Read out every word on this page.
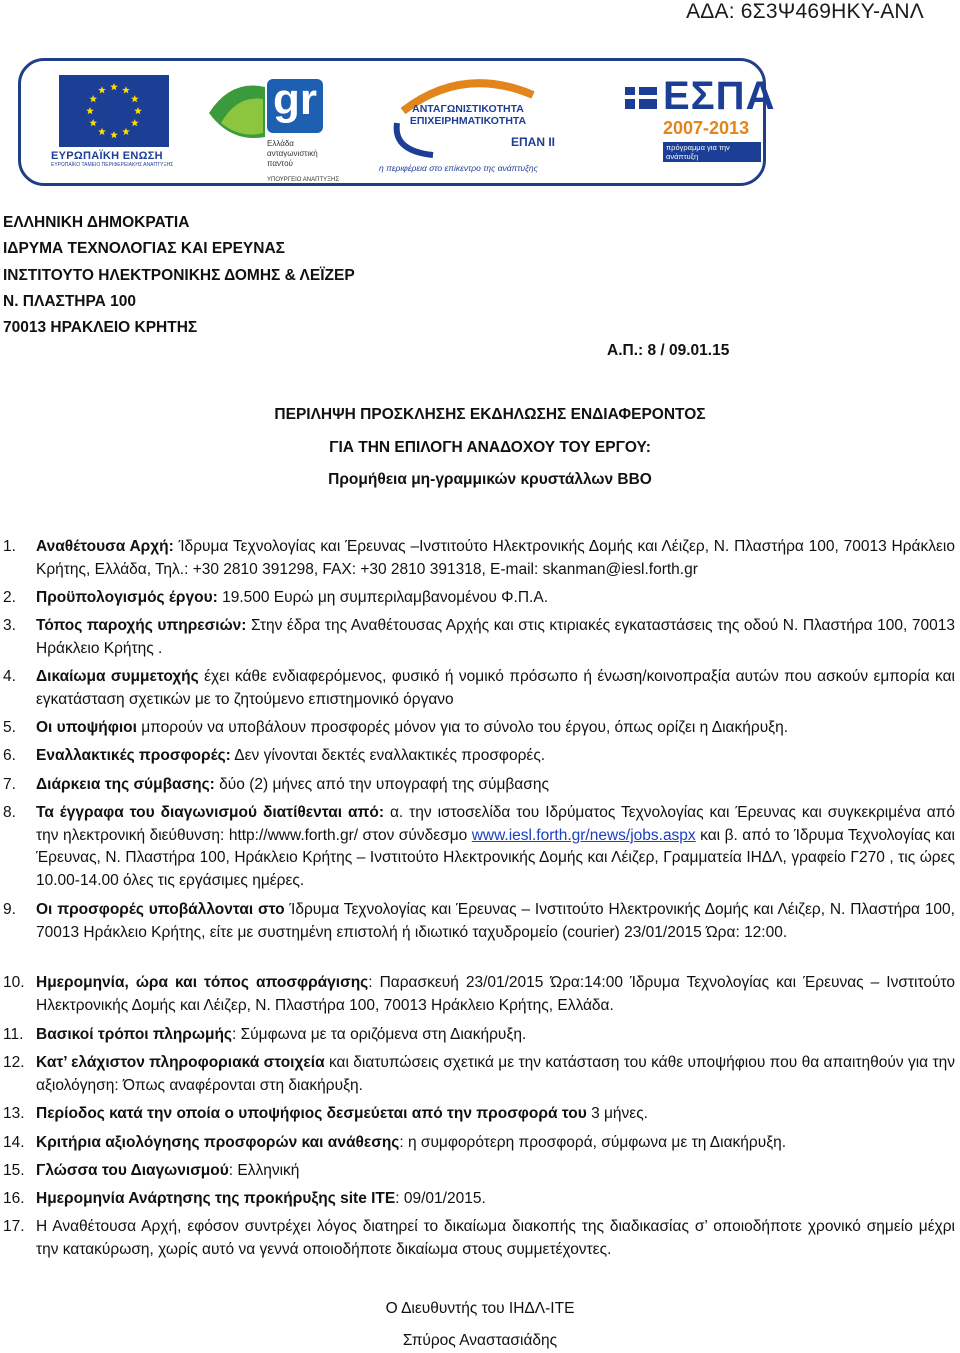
ΑΔΑ: 6Σ3Ψ469ΗΚΥ-ΑΝΛ
ΕΥΡΩΠΑΪΚΗ ΕΝΩΣΗ
ΕΥΡΩΠΑΪΚΟ ΤΑΜΕΙΟ ΠΕΡΙΦΕΡΕΙΑΚΗΣ ΑΝΑΠΤΥΞΗΣ
gr
Ελλάδα
ανταγωνιστική
παντού
ΥΠΟΥΡΓΕΙΟ ΑΝΑΠΤΥΞΗΣ
ΑΝΤΑΓΩΝΙΣΤΙΚΟΤΗΤΑ
ΕΠΙΧΕΙΡΗΜΑΤΙΚΟΤΗΤΑ
ΕΠΑΝ ΙΙ
η περιφέρεια στο επίκεντρο της ανάπτυξης
ΕΣΠΑ
2007-2013
πρόγραμμα για την ανάπτυξη
ΕΛΛΗΝΙΚΗ ΔΗΜΟΚΡΑΤΙΑ
ΙΔΡΥΜΑ ΤΕΧΝΟΛΟΓΙΑΣ ΚΑΙ ΕΡΕΥΝΑΣ
ΙΝΣΤΙΤΟΥΤΟ ΗΛΕΚΤΡΟΝΙΚΗΣ ΔΟΜΗΣ & ΛΕΪΖΕΡ
Ν. ΠΛΑΣΤΗΡΑ 100
70013 ΗΡΑΚΛΕΙΟ ΚΡΗΤΗΣ
Α.Π.: 8 / 09.01.15
ΠΕΡΙΛΗΨΗ ΠΡΟΣΚΛΗΣΗΣ ΕΚΔΗΛΩΣΗΣ ΕΝΔΙΑΦΕΡΟΝΤΟΣ
ΓΙΑ ΤΗΝ ΕΠΙΛΟΓΗ ΑΝΑΔΟΧΟΥ ΤΟΥ ΕΡΓΟΥ:
Προμήθεια μη-γραμμικών κρυστάλλων BBO
1. Αναθέτουσα Αρχή: Ίδρυμα Τεχνολογίας και Έρευνας –Ινστιτούτο Ηλεκτρονικής Δομής και Λέιζερ, Ν. Πλαστήρα 100, 70013 Ηράκλειο Κρήτης, Ελλάδα, Τηλ.: +30 2810 391298, FAX: +30 2810 391318, E-mail: skanman@iesl.forth.gr
2. Προϋπολογισμός έργου: 19.500 Ευρώ μη συμπεριλαμβανομένου Φ.Π.Α.
3. Τόπος παροχής υπηρεσιών: Στην έδρα της Αναθέτουσας Αρχής και στις κτιριακές εγκαταστάσεις της οδού Ν. Πλαστήρα 100, 70013 Ηράκλειο Κρήτης .
4. Δικαίωμα συμμετοχής έχει κάθε ενδιαφερόμενος, φυσικό ή νομικό πρόσωπο ή ένωση/κοινοπραξία αυτών που ασκούν εμπορία και εγκατάσταση σχετικών με το ζητούμενο επιστημονικό όργανο
5. Οι υποψήφιοι μπορούν να υποβάλουν προσφορές μόνον για το σύνολο του έργου, όπως ορίζει η Διακήρυξη.
6. Εναλλακτικές προσφορές: Δεν γίνονται δεκτές εναλλακτικές προσφορές.
7. Διάρκεια της σύμβασης: δύο (2) μήνες από την υπογραφή της σύμβασης
8. Τα έγγραφα του διαγωνισμού διατίθενται από: α. την ιστοσελίδα του Ιδρύματος Τεχνολογίας και Έρευνας και συγκεκριμένα από την ηλεκτρονική διεύθυνση: http://www.forth.gr/ στον σύνδεσμο www.iesl.forth.gr/news/jobs.aspx και β. από το Ίδρυμα Τεχνολογίας και Έρευνας, Ν. Πλαστήρα 100, Ηράκλειο Κρήτης – Ινστιτούτο Ηλεκτρονικής Δομής και Λέιζερ, Γραμματεία ΙΗΔΛ, γραφείο Γ270 , τις ώρες 10.00-14.00 όλες τις εργάσιμες ημέρες.
9. Οι προσφορές υποβάλλονται στο Ίδρυμα Τεχνολογίας και Έρευνας – Ινστιτούτο Ηλεκτρονικής Δομής και Λέιζερ, Ν. Πλαστήρα 100, 70013 Ηράκλειο Κρήτης, είτε με συστημένη επιστολή ή ιδιωτικό ταχυδρομείο (courier) 23/01/2015 Ώρα: 12:00.
10. Ημερομηνία, ώρα και τόπος αποσφράγισης: Παρασκευή 23/01/2015 Ώρα:14:00 Ίδρυμα Τεχνολογίας και Έρευνας – Ινστιτούτο Ηλεκτρονικής Δομής και Λέιζερ, Ν. Πλαστήρα 100, 70013 Ηράκλειο Κρήτης, Ελλάδα.
11. Βασικοί τρόποι πληρωμής: Σύμφωνα με τα οριζόμενα στη Διακήρυξη.
12. Κατ’ ελάχιστον πληροφοριακά στοιχεία και διατυπώσεις σχετικά με την κατάσταση του κάθε υποψήφιου που θα απαιτηθούν για την αξιολόγηση: Όπως αναφέρονται στη διακήρυξη.
13. Περίοδος κατά την οποία ο υποψήφιος δεσμεύεται από την προσφορά του 3 μήνες.
14. Κριτήρια αξιολόγησης προσφορών και ανάθεσης: η συμφορότερη προσφορά, σύμφωνα με τη Διακήρυξη.
15. Γλώσσα του Διαγωνισμού: Ελληνική
16. Ημερομηνία Ανάρτησης της προκήρυξης site ΙΤΕ: 09/01/2015.
17. Η Αναθέτουσα Αρχή, εφόσον συντρέχει λόγος διατηρεί το δικαίωμα διακοπής της διαδικασίας σ’ οποιοδήποτε χρονικό σημείο μέχρι την κατακύρωση, χωρίς αυτό να γεννά οποιοδήποτε δικαίωμα στους συμμετέχοντες.
Ο Διευθυντής του ΙΗΔΛ-ΙΤΕ
Σπύρος Αναστασιάδης
